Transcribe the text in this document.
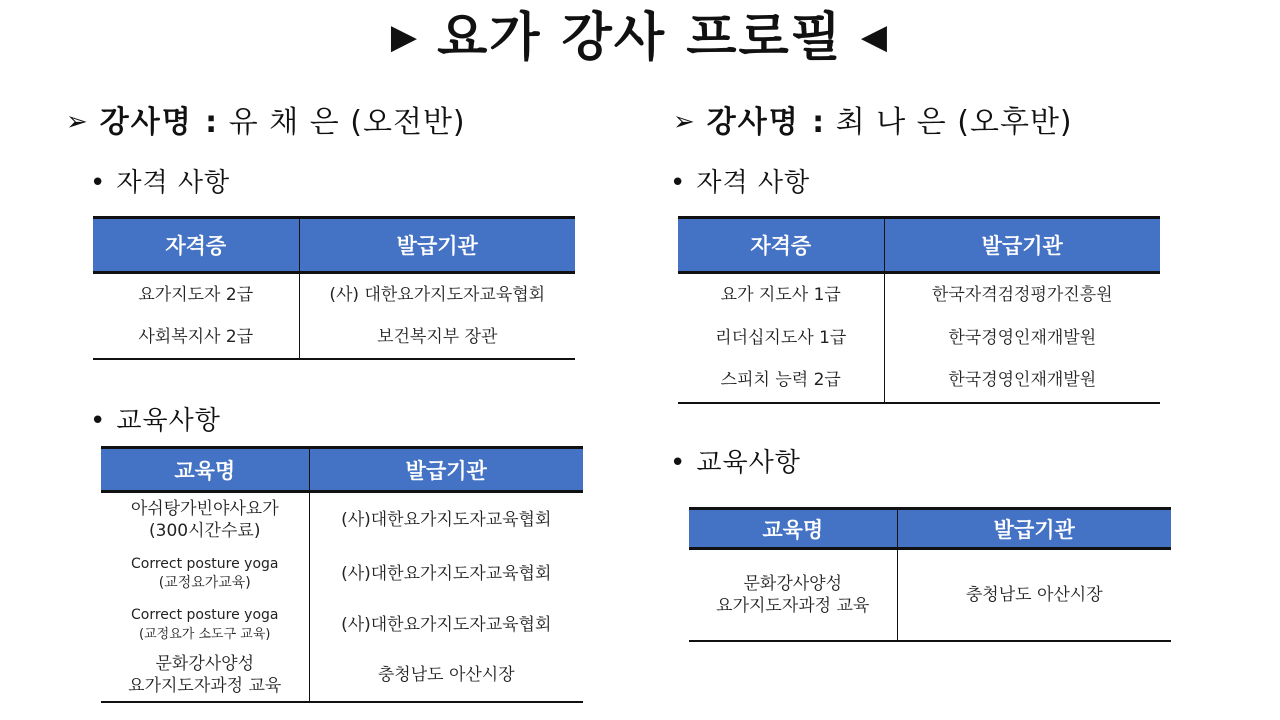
▶ 요가 강사 프로필 ◀
➢ 강사명 : 유 채 은 (오전반)
• 자격 사항
자격증	발급기관
요가지도자 2급	(사) 대한요가지도자교육협회
사회복지사 2급	보건복지부 장관
• 교육사항
교육명	발급기관

아쉬탕가빈야사요가
(300시간수료)	(사)대한요가지도자교육협회

Correct posture yoga
(교정요가교육)	(사)대한요가지도자교육협회

Correct posture yoga
(교정요가 소도구 교육)	(사)대한요가지도자교육협회

문화강사양성
요가지도자과정 교육	충청남도 아산시장
➢ 강사명 : 최 나 은 (오후반)
• 자격 사항
자격증	발급기관
요가 지도사 1급	한국자격검정평가진흥원
리더십지도사 1급	한국경영인재개발원
스피치 능력 2급	한국경영인재개발원
• 교육사항
교육명	발급기관

문화강사양성
요가지도자과정 교육	충청남도 아산시장
